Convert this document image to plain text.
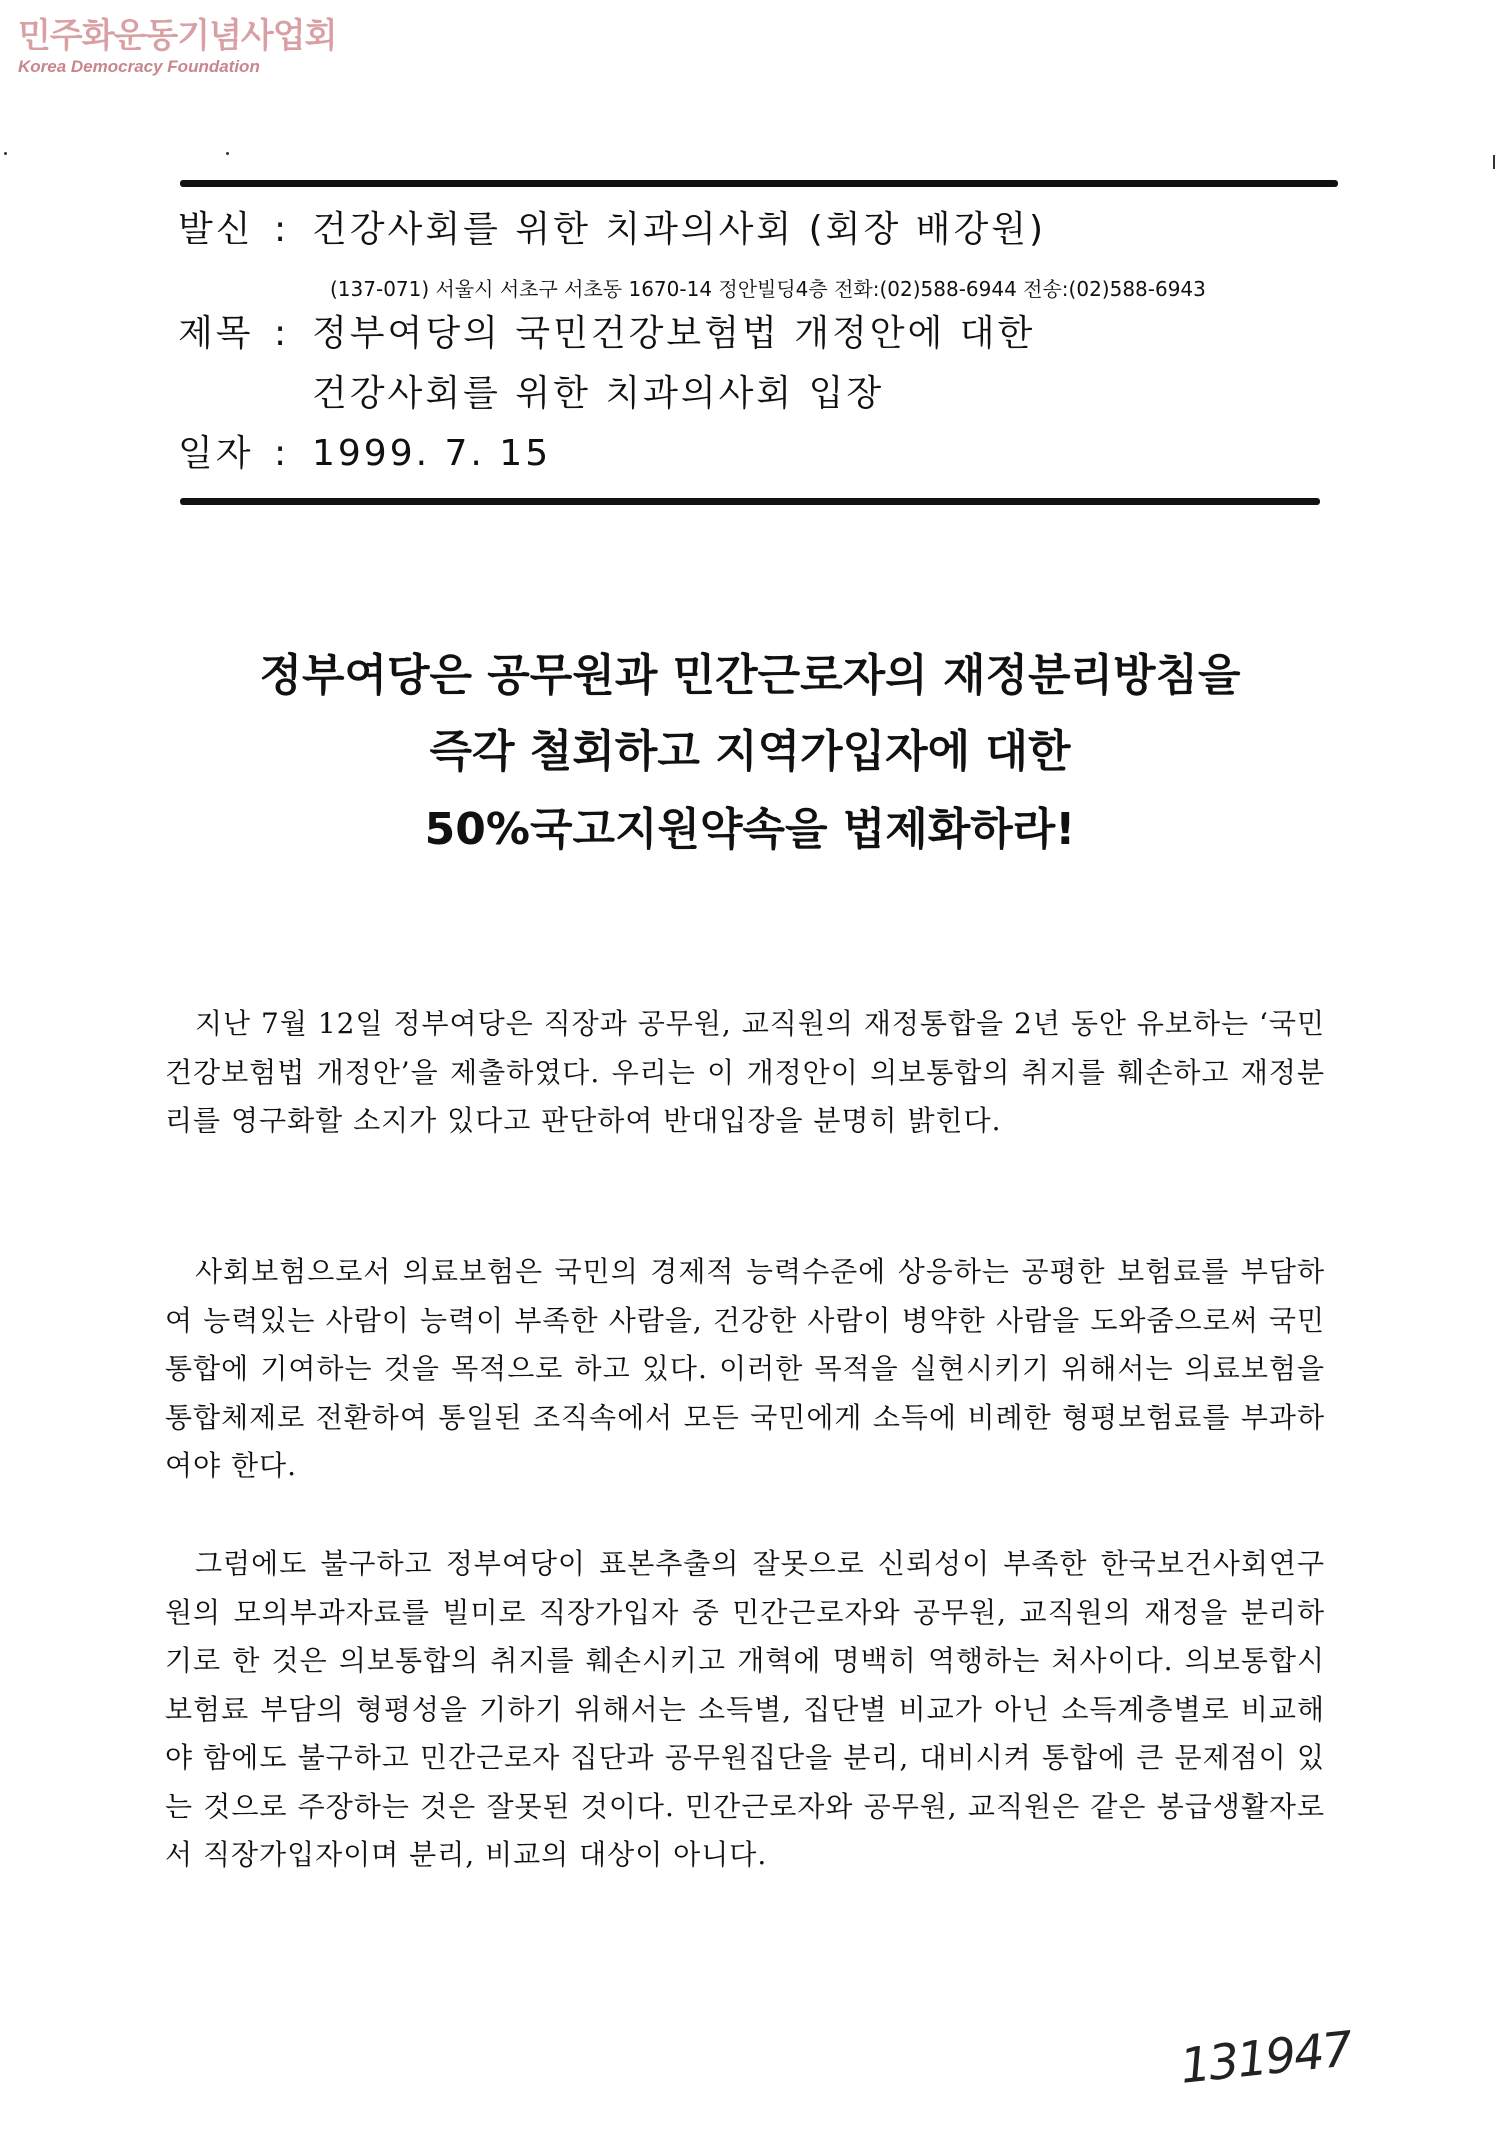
민주화운동기념사업회
Korea Democracy Foundation
발신 : 건강사회를 위한 치과의사회 (회장 배강원)
(137-071) 서울시 서초구 서초동 1670-14 정안빌딩4층 전화:(02)588-6944 전송:(02)588-6943
제목 : 정부여당의 국민건강보험법 개정안에 대한
건강사회를 위한 치과의사회 입장
일자 : 1999. 7. 15
정부여당은 공무원과 민간근로자의 재정분리방침을
즉각 철회하고 지역가입자에 대한
50%국고지원약속을 법제화하라!
지난 7월 12일 정부여당은 직장과 공무원, 교직원의 재정통합을 2년 동안 유보하는 ‘국민건강보험법 개정안’을 제출하였다. 우리는 이 개정안이 의보통합의 취지를 훼손하고 재정분리를 영구화할 소지가 있다고 판단하여 반대입장을 분명히 밝힌다.
사회보험으로서 의료보험은 국민의 경제적 능력수준에 상응하는 공평한 보험료를 부담하여 능력있는 사람이 능력이 부족한 사람을, 건강한 사람이 병약한 사람을 도와줌으로써 국민통합에 기여하는 것을 목적으로 하고 있다. 이러한 목적을 실현시키기 위해서는 의료보험을 통합체제로 전환하여 통일된 조직속에서 모든 국민에게 소득에 비례한 형평보험료를 부과하여야 한다.
그럼에도 불구하고 정부여당이 표본추출의 잘못으로 신뢰성이 부족한 한국보건사회연구원의 모의부과자료를 빌미로 직장가입자 중 민간근로자와 공무원, 교직원의 재정을 분리하기로 한 것은 의보통합의 취지를 훼손시키고 개혁에 명백히 역행하는 처사이다. 의보통합시 보험료 부담의 형평성을 기하기 위해서는 소득별, 집단별 비교가 아닌 소득계층별로 비교해야 함에도 불구하고 민간근로자 집단과 공무원집단을 분리, 대비시켜 통합에 큰 문제점이 있는 것으로 주장하는 것은 잘못된 것이다. 민간근로자와 공무원, 교직원은 같은 봉급생활자로서 직장가입자이며 분리, 비교의 대상이 아니다.
131947
